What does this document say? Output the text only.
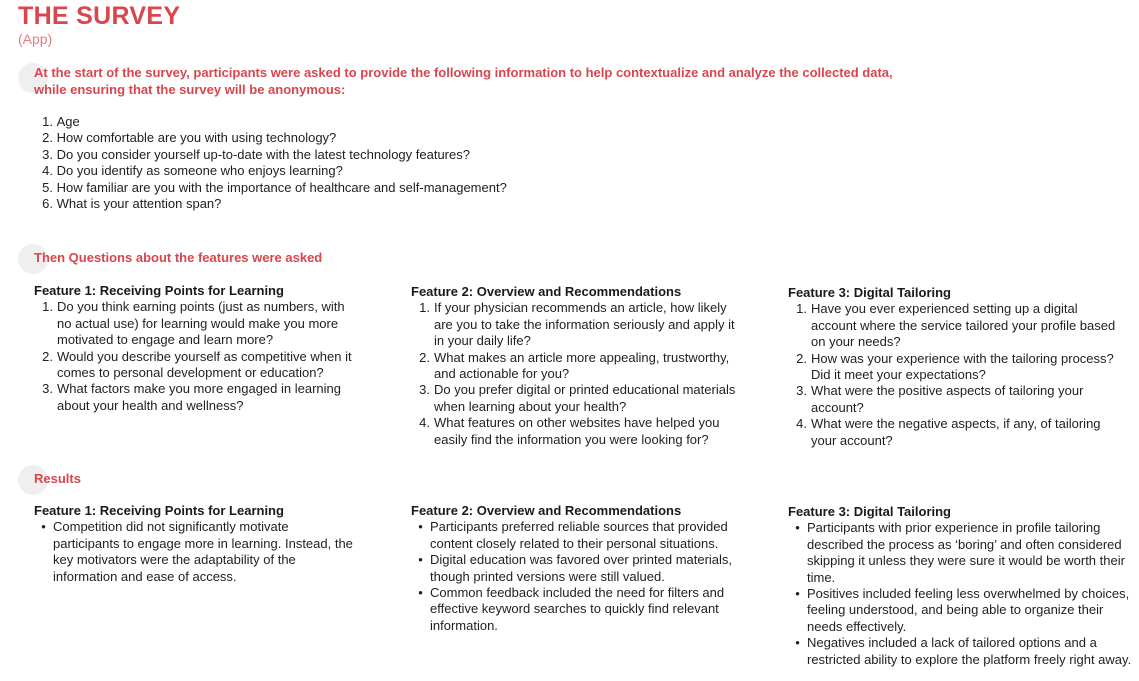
THE SURVEY
(App)
At the start of the survey, participants were asked to provide the following information to help contextualize and analyze the collected data, while ensuring that the survey will be anonymous:
1.
Age
2.
How comfortable are you with using technology?
3.
Do you consider yourself up-to-date with the latest technology features?
4.
Do you identify as someone who enjoys learning?
5.
How familiar are you with the importance of healthcare and self-management?
6.
What is your attention span?
Then Questions about the features were asked
Feature 1: Receiving Points for Learning
1. Do you think earning points (just as numbers, with no actual use) for learning would make you more motivated to engage and learn more?
2. Would you describe yourself as competitive when it comes to personal development or education?
3. What factors make you more engaged in learning about your health and wellness?
Feature 2: Overview and Recommendations
1. If your physician recommends an article, how likely are you to take the information seriously and apply it in your daily life?
2. What makes an article more appealing, trustworthy, and actionable for you?
3. Do you prefer digital or printed educational materials when learning about your health?
4. What features on other websites have helped you easily find the information you were looking for?
Feature 3: Digital Tailoring
1. Have you ever experienced setting up a digital account where the service tailored your profile based on your needs?
2. How was your experience with the tailoring process? Did it meet your expectations?
3. What were the positive aspects of tailoring your account?
4. What were the negative aspects, if any, of tailoring your account?
Results
Feature 1: Receiving Points for Learning
• Competition did not significantly motivate participants to engage more in learning. Instead, the key motivators were the adaptability of the information and ease of access.
Feature 2: Overview and Recommendations
• Participants preferred reliable sources that provided content closely related to their personal situations.
• Digital education was favored over printed materials, though printed versions were still valued.
• Common feedback included the need for filters and effective keyword searches to quickly find relevant information.
Feature 3: Digital Tailoring
• Participants with prior experience in profile tailoring described the process as ‘boring’ and often considered skipping it unless they were sure it would be worth their time.
• Positives included feeling less overwhelmed by choices, feeling understood, and being able to organize their needs effectively.
• Negatives included a lack of tailored options and a restricted ability to explore the platform freely right away.
